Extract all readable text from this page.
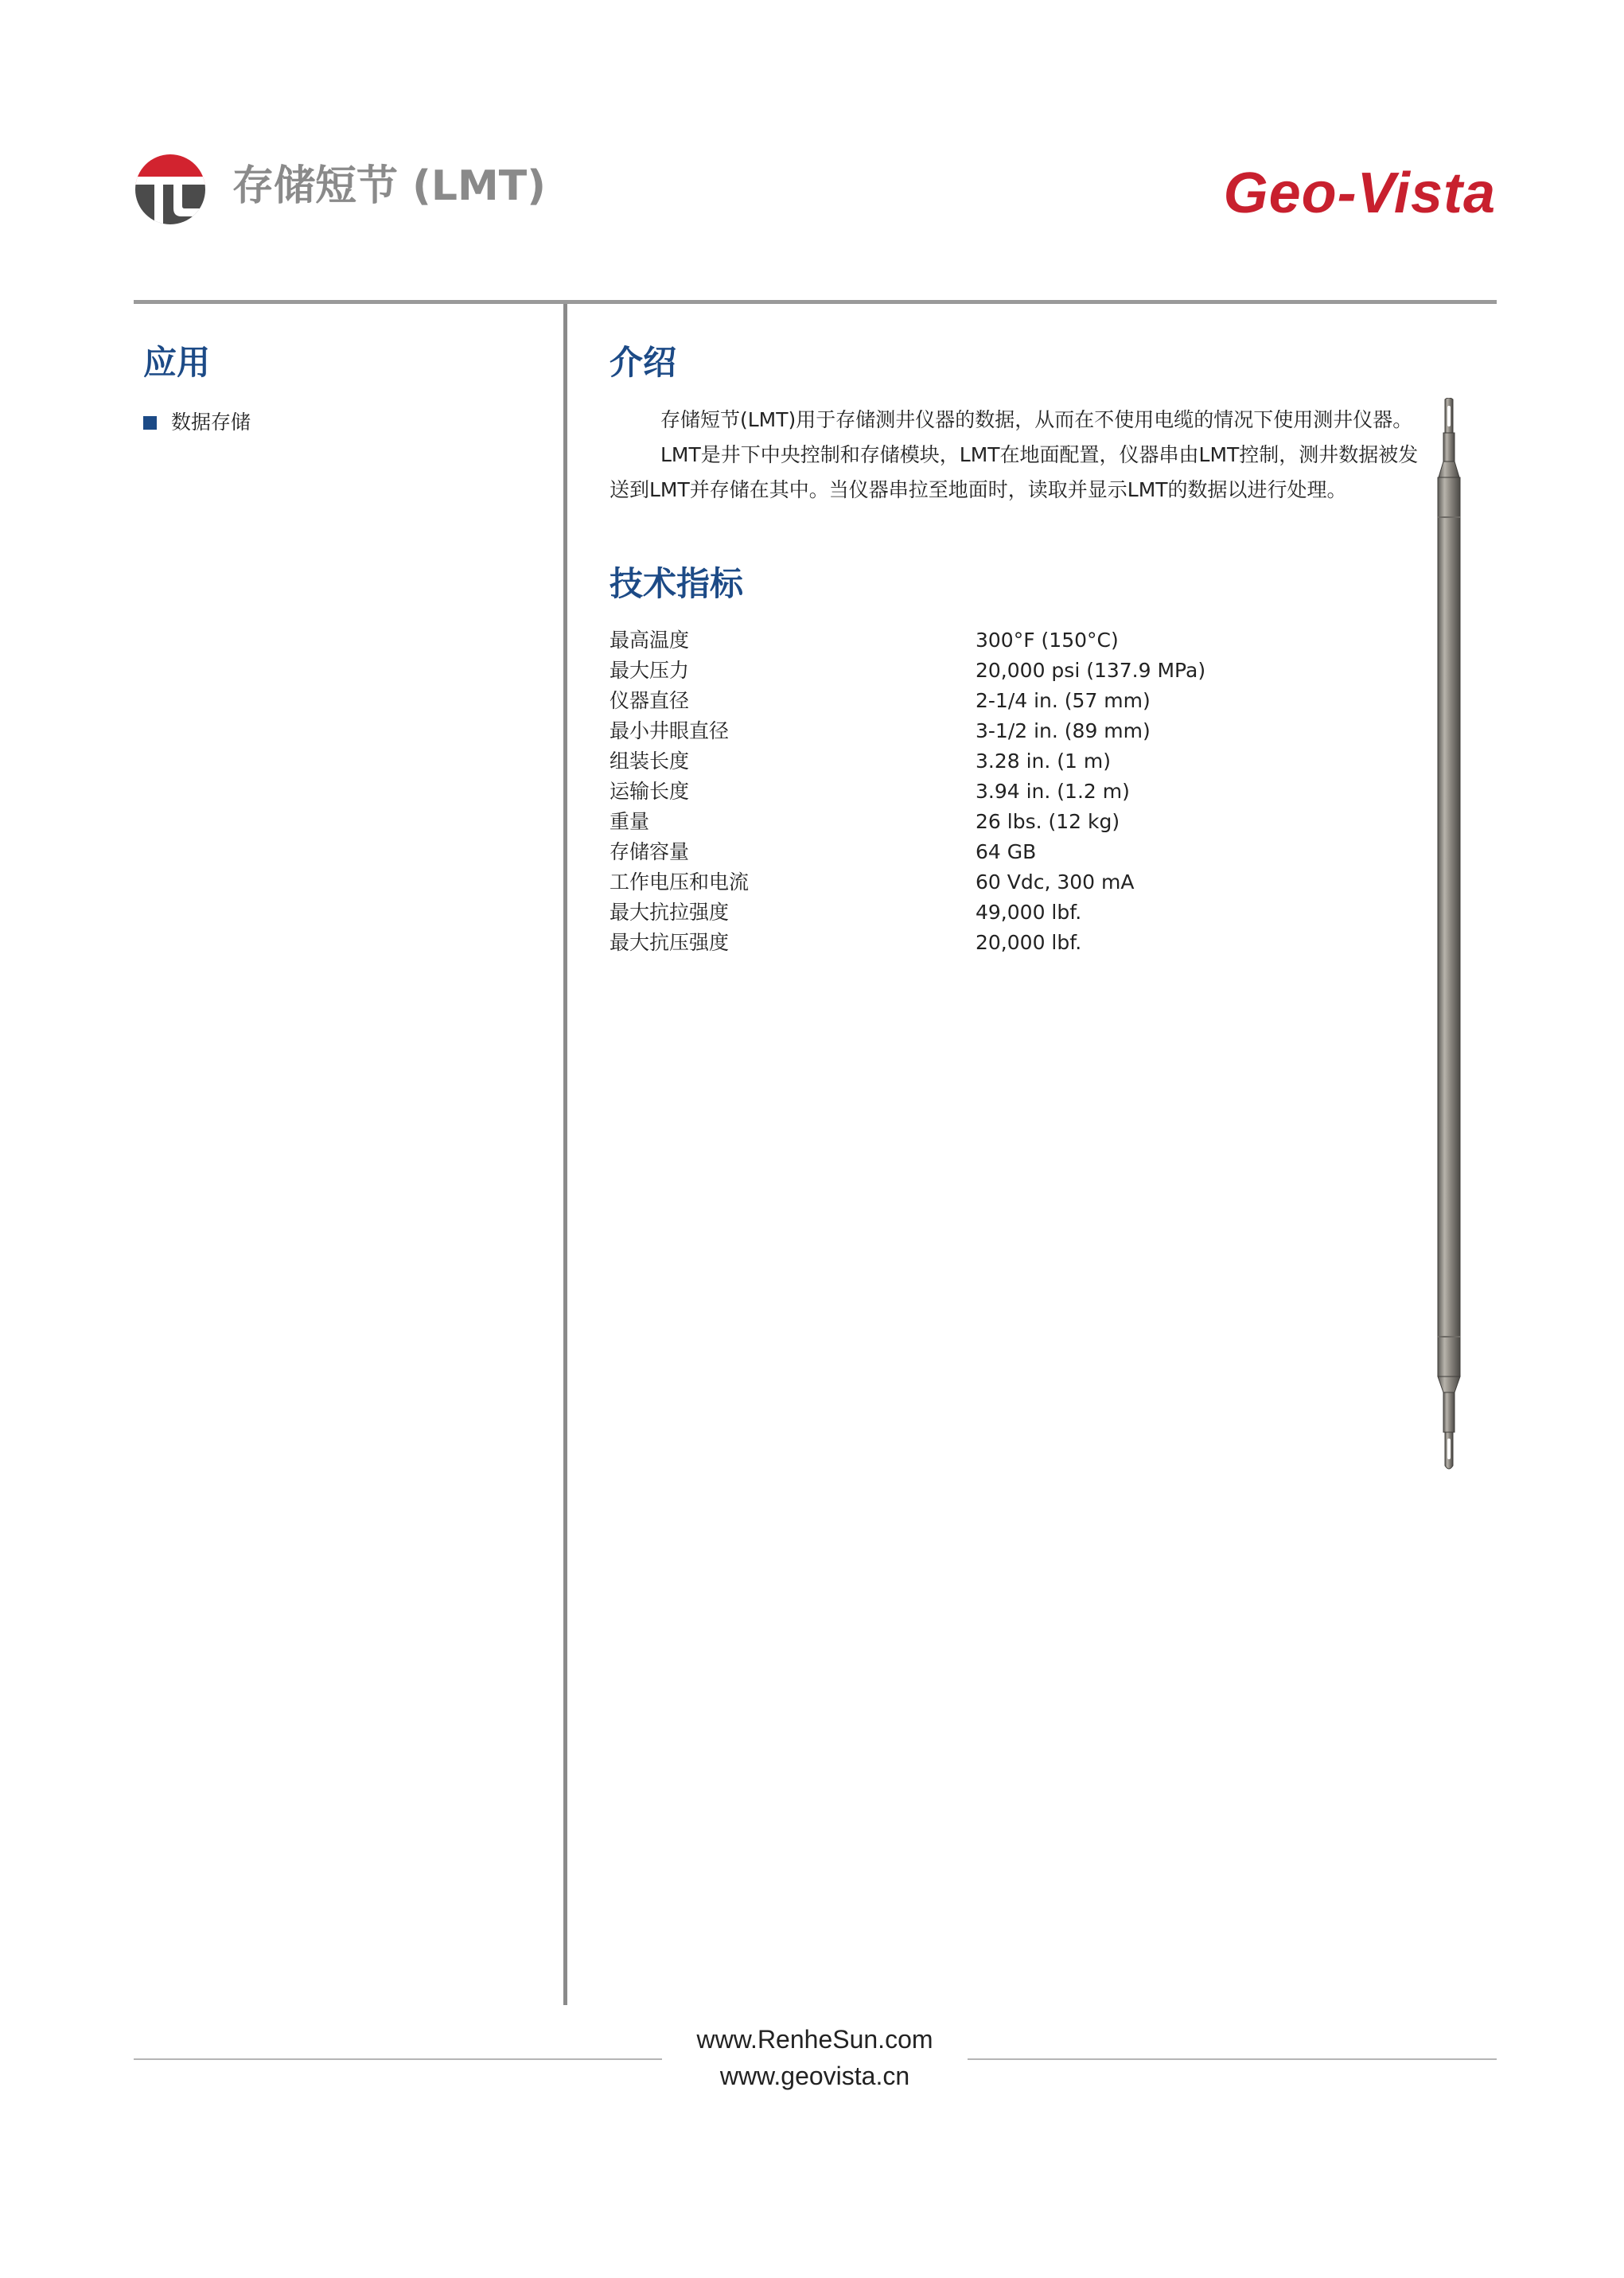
存储短节 (LMT)	Geo-Vista
应用
数据存储
介绍

存储短节(LMT)用于存储测井仪器的数据，从而在不使用电缆的情况下使用测井仪器。

LMT是井下中央控制和存储模块，LMT在地面配置，仪器串由LMT控制，测井数据被发送到LMT并存储在其中。当仪器串拉至地面时，读取并显示LMT的数据以进行处理。

技术指标
最高温度	300°F (150°C)
最大压力	20,000 psi (137.9 MPa)
仪器直径	2-1/4 in. (57 mm)
最小井眼直径	3-1/2 in. (89 mm)
组装长度	3.28 in. (1 m)
运输长度	3.94 in. (1.2 m)
重量	26 lbs. (12 kg)
存储容量	64 GB
工作电压和电流	60 Vdc, 300 mA
最大抗拉强度	49,000 lbf.
最大抗压强度	20,000 lbf.
www.RenheSun.com
www.geovista.cn
